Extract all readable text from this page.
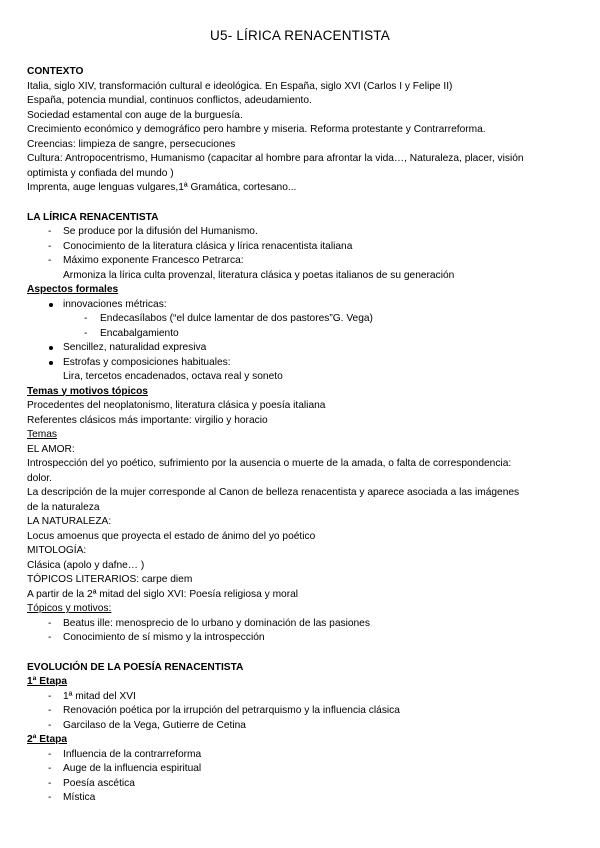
U5- LÍRICA RENACENTISTA
CONTEXTO
Italia, siglo XIV, transformación cultural e ideológica. En España, siglo XVI (Carlos I y Felipe II)
España, potencia mundial, continuos conflictos, adeudamiento.
Sociedad estamental con auge de la burguesía.
Crecimiento económico y demográfico pero hambre y miseria. Reforma protestante y Contrarreforma.
Creencias: limpieza de sangre, persecuciones
Cultura: Antropocentrismo, Humanismo (capacitar al hombre para afrontar la vida…, Naturaleza, placer, visión
optimista y confiada del mundo )
Imprenta, auge lenguas vulgares,1ª Gramática, cortesano...
LA LÍRICA RENACENTISTA
- Se produce por la difusión del Humanismo.
- Conocimiento de la literatura clásica y lírica renacentista italiana
- Máximo exponente Francesco Petrarca:
Armoniza la lírica culta provenzal, literatura clásica y poetas italianos de su generación
Aspectos formales
innovaciones métricas:
- Endecasílabos (“el dulce lamentar de dos pastores”G. Vega)
- Encabalgamiento
Sencillez, naturalidad expresiva
Estrofas y composiciones habituales:
Lira, tercetos encadenados, octava real y soneto
Temas y motivos tópicos
Procedentes del neoplatonismo, literatura clásica y poesía italiana
Referentes clásicos más importante: virgilio y horacio
Temas
EL AMOR:
Introspección del yo poético, sufrimiento por la ausencia o muerte de la amada, o falta de correspondencia:
dolor.
La descripción de la mujer corresponde al Canon de belleza renacentista y aparece asociada a las imágenes
de la naturaleza
LA NATURALEZA:
Locus amoenus que proyecta el estado de ánimo del yo poético
MITOLOGÍA:
Clásica (apolo y dafne… )
TÓPICOS LITERARIOS: carpe diem
A partir de la 2ª mitad del siglo XVI: Poesía religiosa y moral
Tópicos y motivos:
- Beatus ille: menosprecio de lo urbano y dominación de las pasiones
- Conocimiento de sí mismo y la introspección
EVOLUCIÓN DE LA POESÍA RENACENTISTA
1ª Etapa
- 1ª mitad del XVI
- Renovación poética por la irrupción del petrarquismo y la influencia clásica
- Garcilaso de la Vega, Gutierre de Cetina
2ª Etapa
- Influencia de la contrarreforma
- Auge de la influencia espiritual
- Poesía ascética
- Mística
